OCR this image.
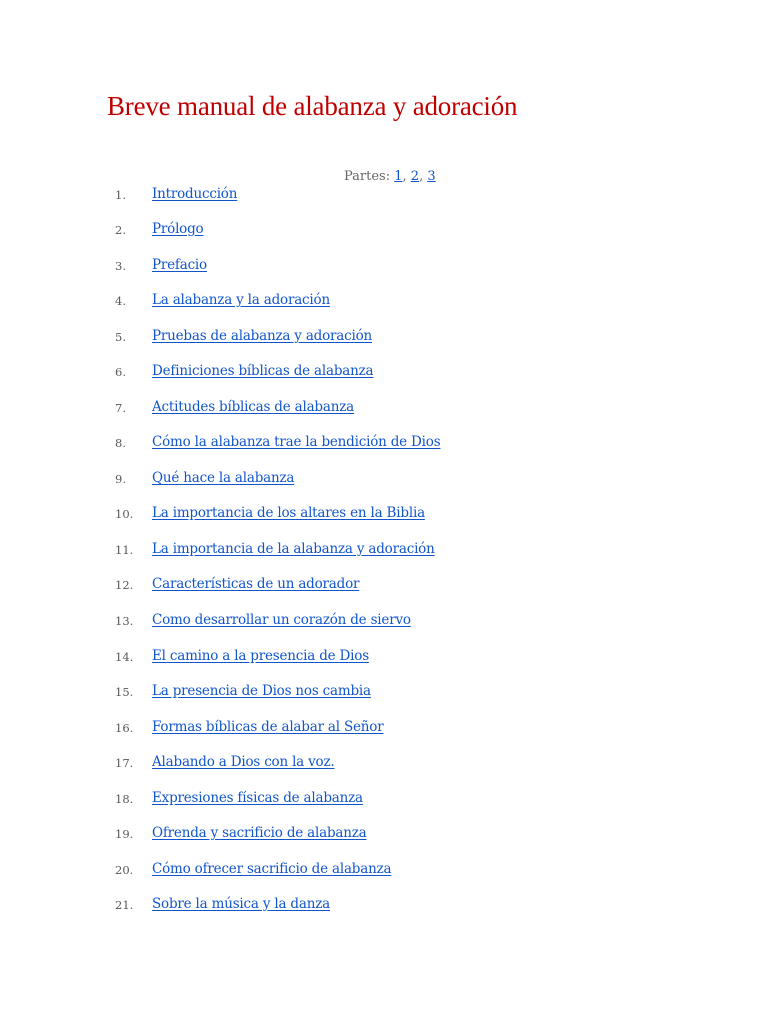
Breve manual de alabanza y adoración
Partes: 1, 2, 3
1. Introducción
2. Prólogo
3. Prefacio
4. La alabanza y la adoración
5. Pruebas de alabanza y adoración
6. Definiciones bíblicas de alabanza
7. Actitudes bíblicas de alabanza
8. Cómo la alabanza trae la bendición de Dios
9. Qué hace la alabanza
10. La importancia de los altares en la Biblia
11. La importancia de la alabanza y adoración
12. Características de un adorador
13. Como desarrollar un corazón de siervo
14. El camino a la presencia de Dios
15. La presencia de Dios nos cambia
16. Formas bíblicas de alabar al Señor
17. Alabando a Dios con la voz.
18. Expresiones físicas de alabanza
19. Ofrenda y sacrificio de alabanza
20. Cómo ofrecer sacrificio de alabanza
21. Sobre la música y la danza
